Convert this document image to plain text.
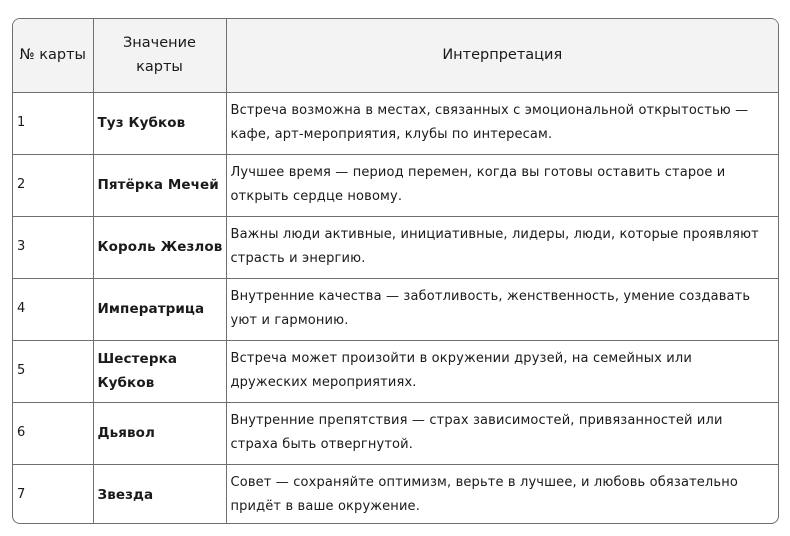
№ карты	Значение карты	Интерпретация
1	Туз Кубков	Встреча возможна в местах, связанных с эмоциональной открытостью — кафе, арт-мероприятия, клубы по интересам.
2	Пятёрка Мечей	Лучшее время — период перемен, когда вы готовы оставить старое и открыть сердце новому.
3	Король Жезлов	Важны люди активные, инициативные, лидеры, люди, которые проявляют страсть и энергию.
4	Императрица	Внутренние качества — заботливость, женственность, умение создавать уют и гармонию.
5	Шестерка Кубков	Встреча может произойти в окружении друзей, на семейных или дружеских мероприятиях.
6	Дьявол	Внутренние препятствия — страх зависимостей, привязанностей или страха быть отвергнутой.
7	Звезда	Совет — сохраняйте оптимизм, верьте в лучшее, и любовь обязательно придёт в ваше окружение.
